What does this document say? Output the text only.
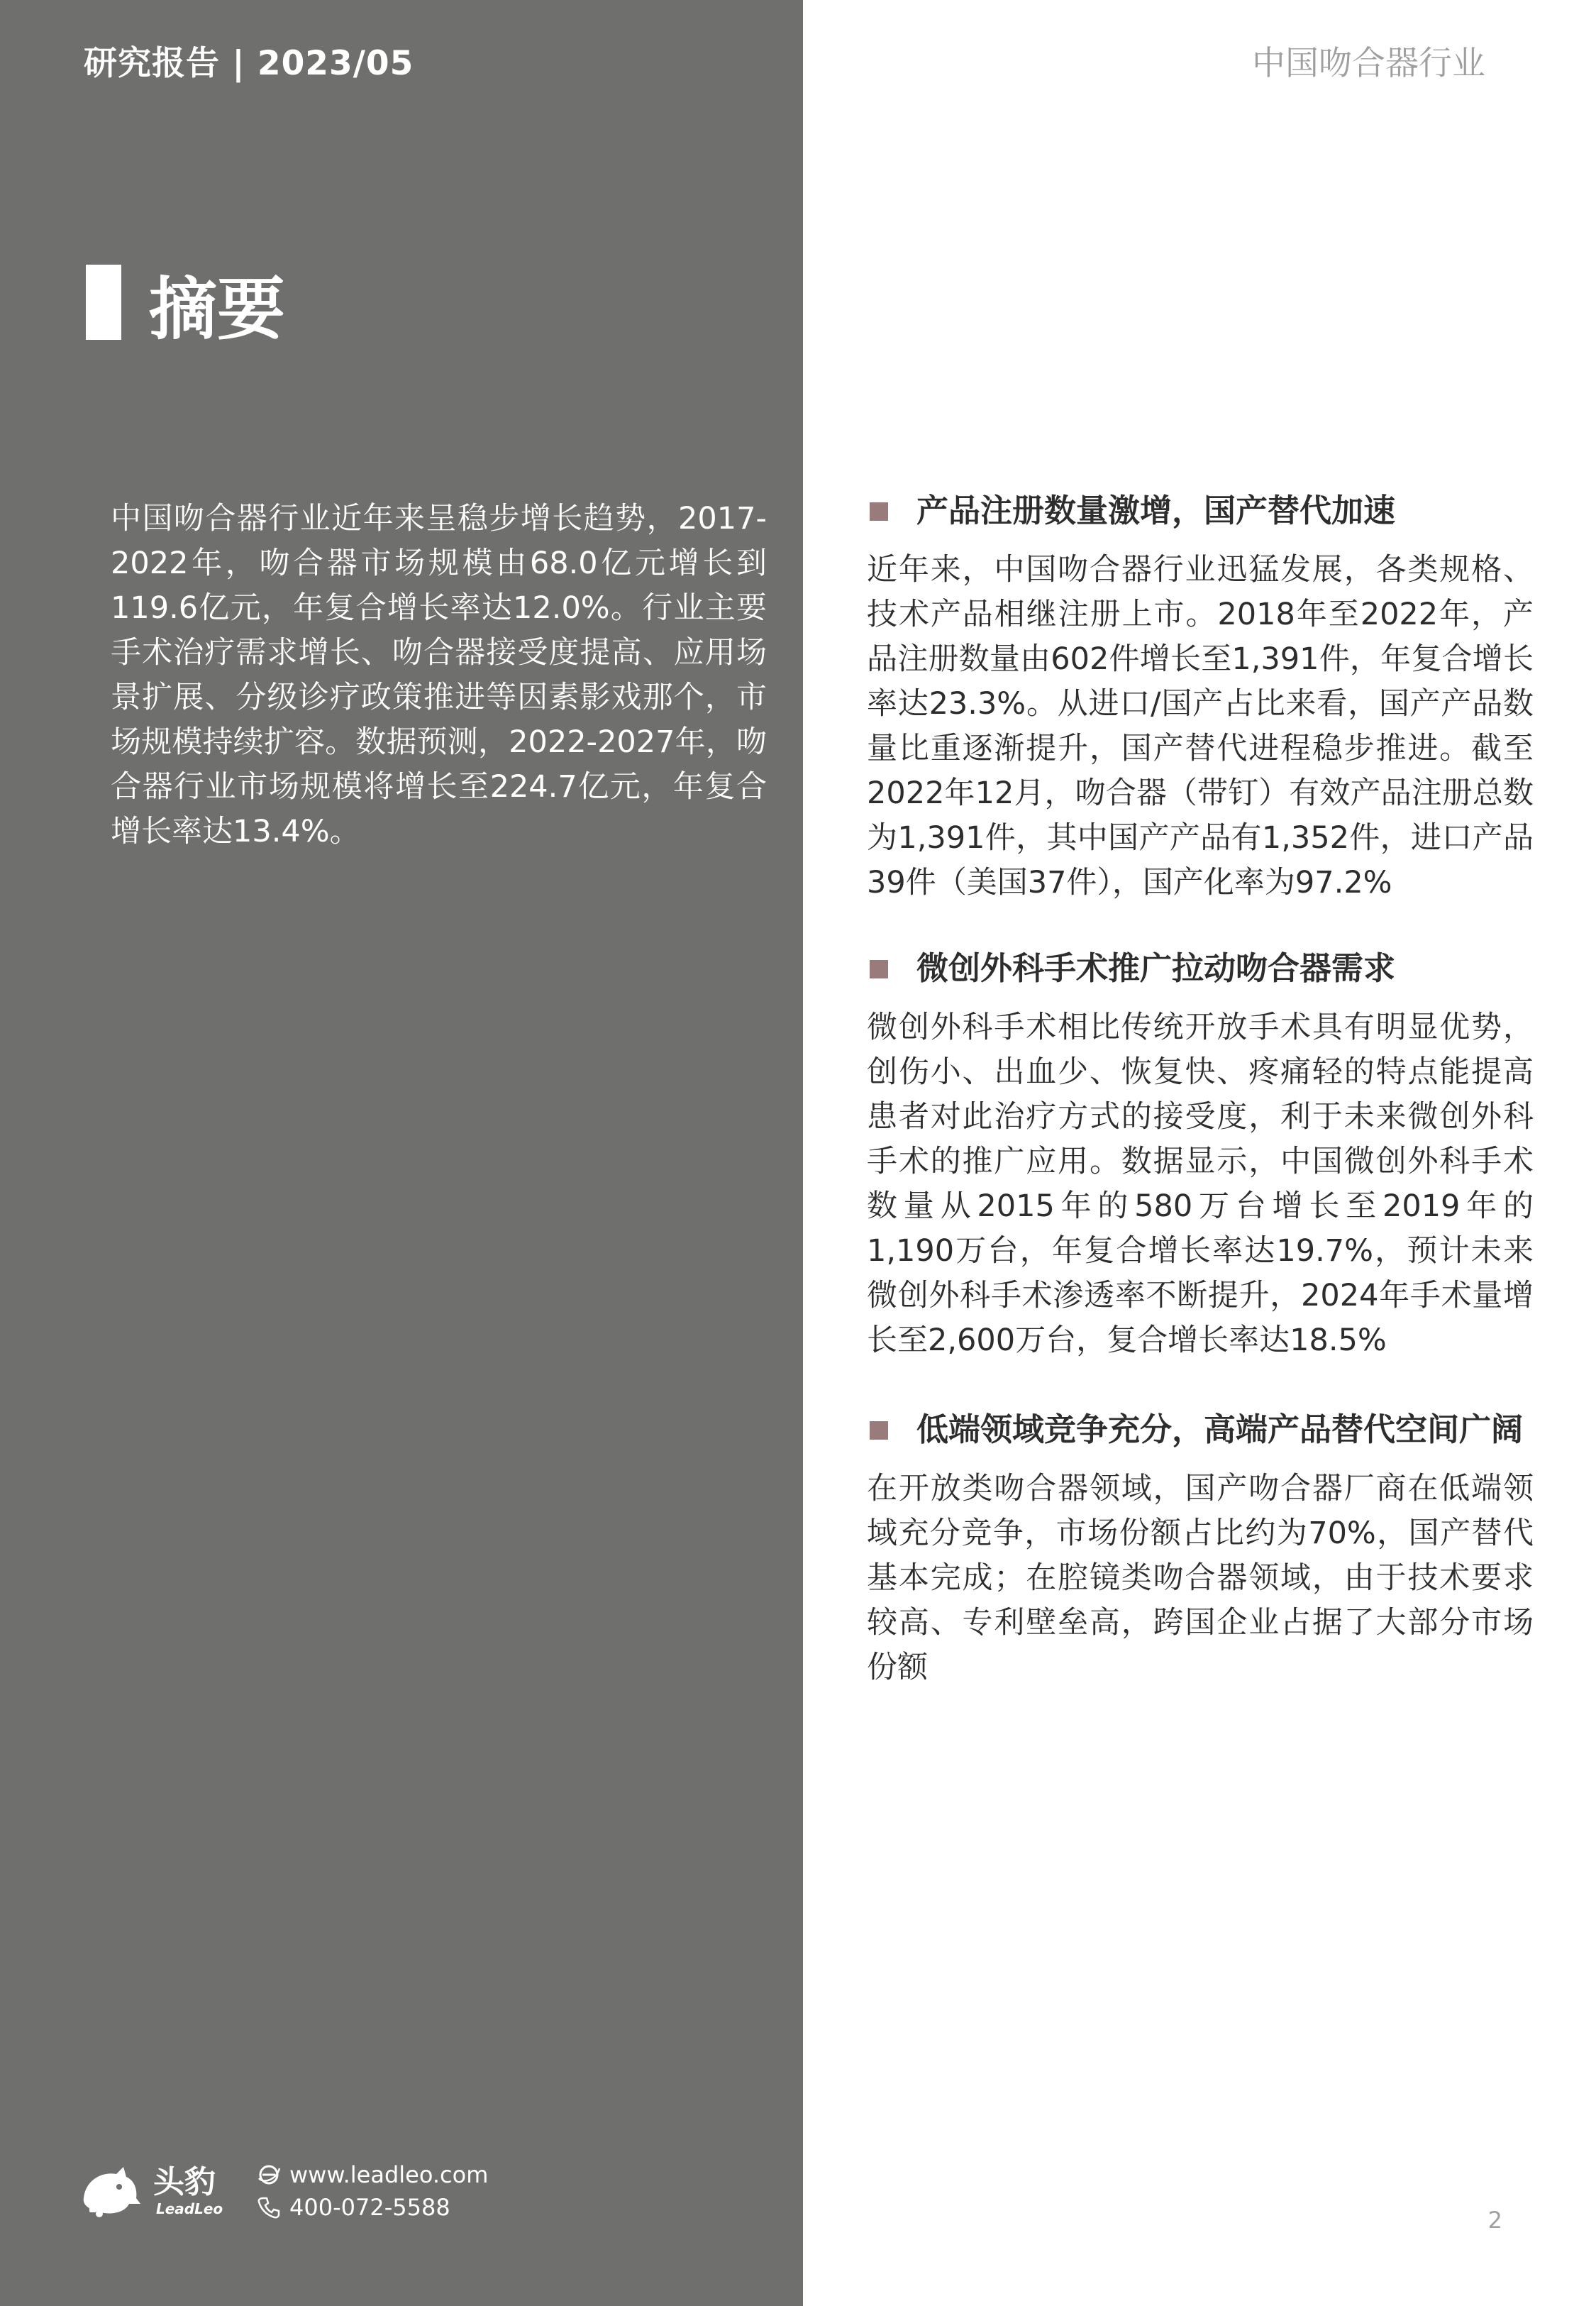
研究报告 | 2023/05	中国吻合器行业
摘要

中国吻合器行业近年来呈稳步增长趋势，2017-2022年，吻合器市场规模由68.0亿元增长到119.6亿元，年复合增长率达12.0%。行业主要手术治疗需求增长、吻合器接受度提高、应用场景扩展、分级诊疗政策推进等因素影戏那个，市场规模持续扩容。数据预测，2022-2027年，吻合器行业市场规模将增长至224.7亿元，年复合增长率达13.4%。

产品注册数量激增，国产替代加速

近年来，中国吻合器行业迅猛发展，各类规格、技术产品相继注册上市。2018年至2022年，产品注册数量由602件增长至1,391件，年复合增长率达23.3%。从进口/国产占比来看，国产产品数量比重逐渐提升，国产替代进程稳步推进。截至2022年12月，吻合器（带钉）有效产品注册总数为1,391件，其中国产产品有1,352件，进口产品39件（美国37件），国产化率为97.2%

微创外科手术推广拉动吻合器需求

微创外科手术相比传统开放手术具有明显优势，创伤小、出血少、恢复快、疼痛轻的特点能提高患者对此治疗方式的接受度，利于未来微创外科手术的推广应用。数据显示，中国微创外科手术数量从2015年的580万台增长至2019年的1,190万台，年复合增长率达19.7%，预计未来微创外科手术渗透率不断提升，2024年手术量增长至2,600万台，复合增长率达18.5%

低端领域竞争充分，高端产品替代空间广阔

在开放类吻合器领域，国产吻合器厂商在低端领域充分竞争，市场份额占比约为70%，国产替代基本完成；在腔镜类吻合器领域，由于技术要求较高、专利壁垒高，跨国企业占据了大部分市场份额

头豹
LeadLeo
www.leadleo.com
400-072-5588	2
